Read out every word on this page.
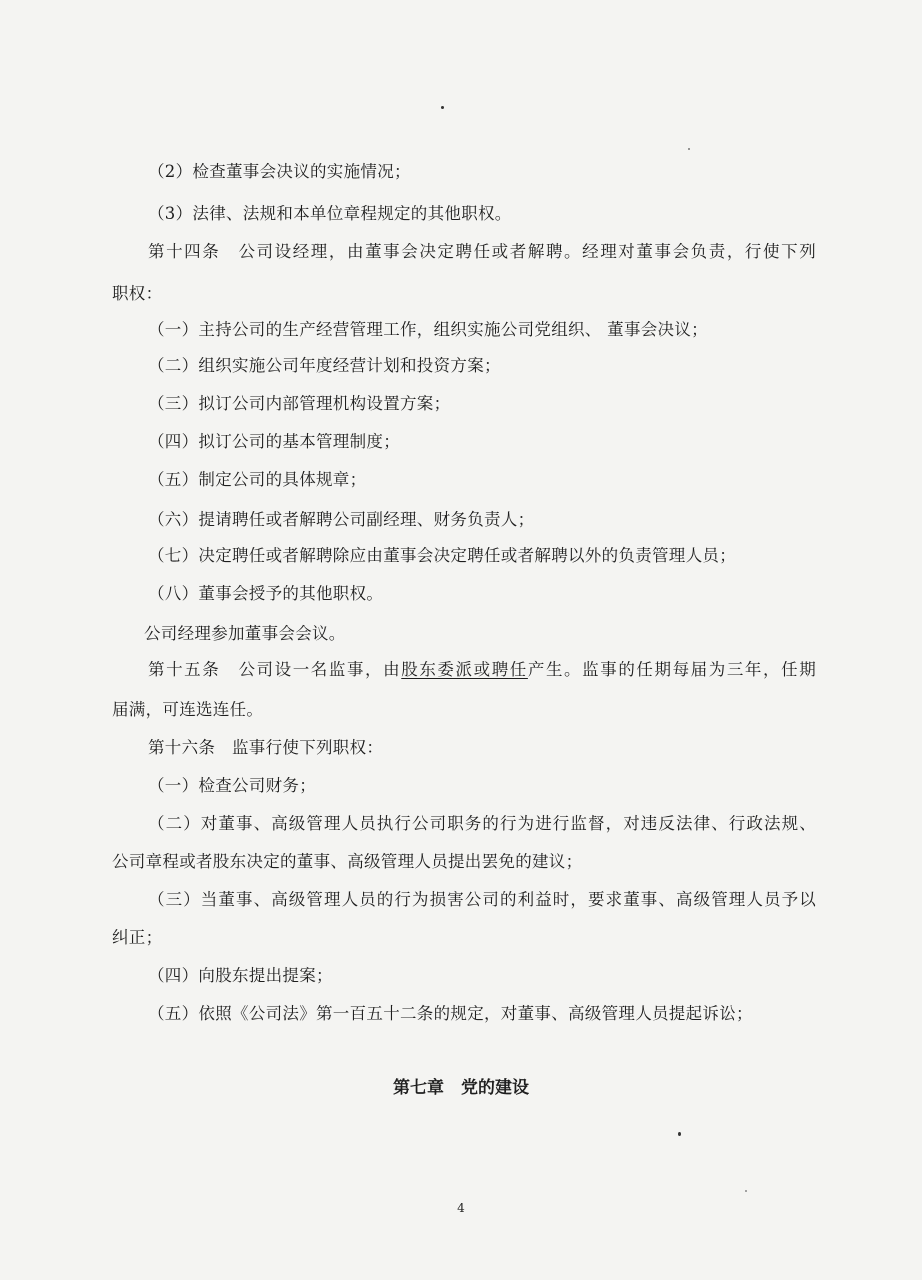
（2）检查董事会决议的实施情况；
（3）法律、法规和本单位章程规定的其他职权。
第十四条　公司设经理，由董事会决定聘任或者解聘。经理对董事会负责，行使下列
职权：
（一）主持公司的生产经营管理工作，组织实施公司党组织、 董事会决议；
（二）组织实施公司年度经营计划和投资方案；
（三）拟订公司内部管理机构设置方案；
（四）拟订公司的基本管理制度；
（五）制定公司的具体规章；
（六）提请聘任或者解聘公司副经理、财务负责人；
（七）决定聘任或者解聘除应由董事会决定聘任或者解聘以外的负责管理人员；
（八）董事会授予的其他职权。
公司经理参加董事会会议。
第十五条　公司设一名监事，由股东委派或聘任产生。监事的任期每届为三年，任期
届满，可连选连任。
第十六条　监事行使下列职权：
（一）检查公司财务；
（二）对董事、高级管理人员执行公司职务的行为进行监督，对违反法律、行政法规、
公司章程或者股东决定的董事、高级管理人员提出罢免的建议；
（三）当董事、高级管理人员的行为损害公司的利益时，要求董事、高级管理人员予以
纠正；
（四）向股东提出提案；
（五）依照《公司法》第一百五十二条的规定，对董事、高级管理人员提起诉讼；
第七章　党的建设
4
